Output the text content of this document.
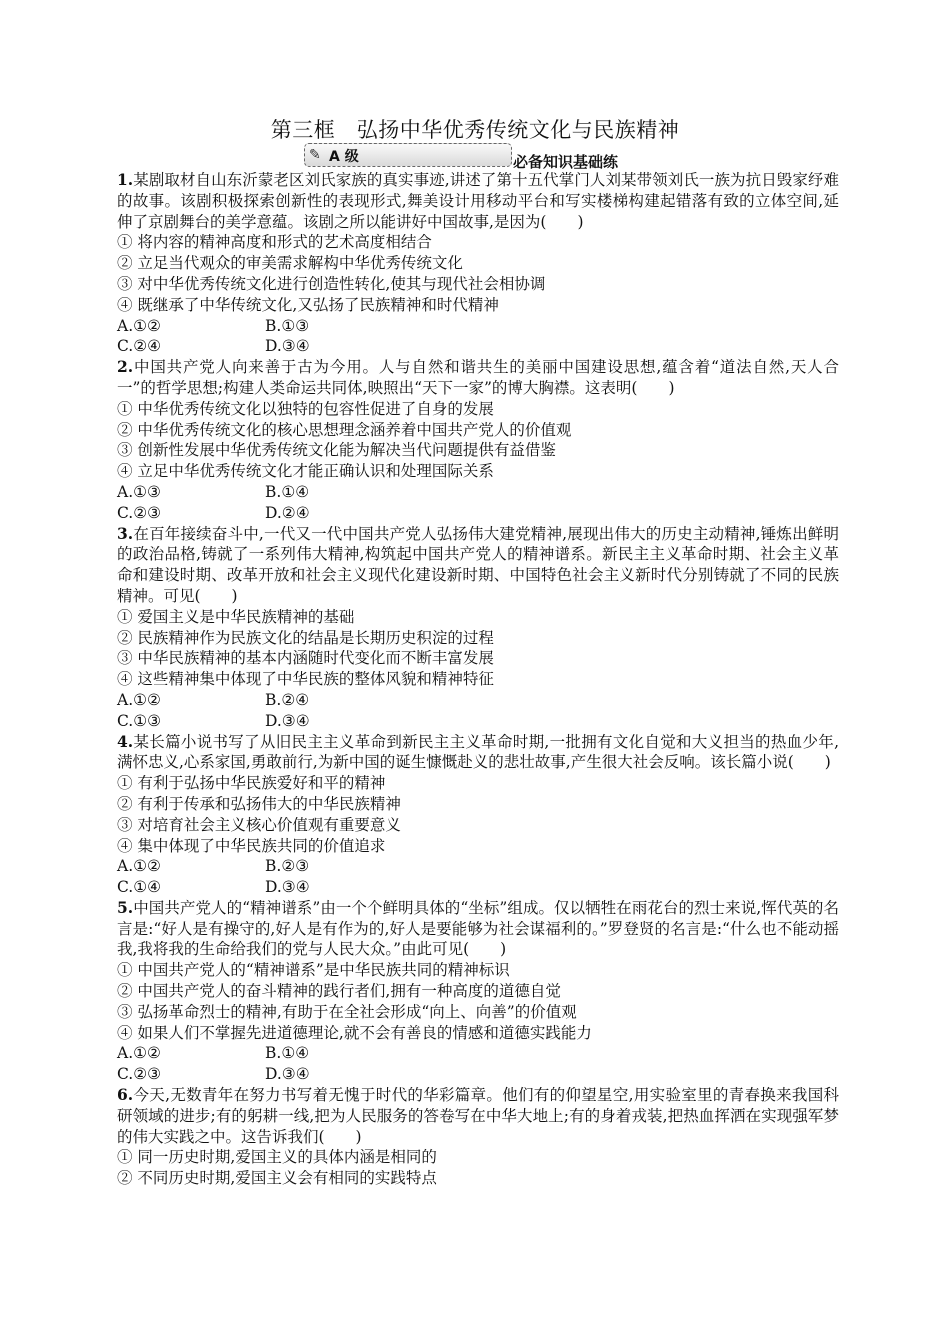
第三框　弘扬中华优秀传统文化与民族精神
✎ A 级	必备知识基础练

1.某剧取材自山东沂蒙老区刘氏家族的真实事迹,讲述了第十五代掌门人刘某带领刘氏一族为抗日毁家纾难的故事。该剧积极探索创新性的表现形式,舞美设计用移动平台和写实楼梯构建起错落有致的立体空间,延伸了京剧舞台的美学意蕴。该剧之所以能讲好中国故事,是因为(　　)

① 将内容的精神高度和形式的艺术高度相结合

② 立足当代观众的审美需求解构中华优秀传统文化

③ 对中华优秀传统文化进行创造性转化,使其与现代社会相协调

④ 既继承了中华传统文化,又弘扬了民族精神和时代精神

A.①②	B.①③
C.②④	D.③④

2.中国共产党人向来善于古为今用。人与自然和谐共生的美丽中国建设思想,蕴含着“道法自然,天人合一”的哲学思想;构建人类命运共同体,映照出“天下一家”的博大胸襟。这表明(　　)

① 中华优秀传统文化以独特的包容性促进了自身的发展

② 中华优秀传统文化的核心思想理念涵养着中国共产党人的价值观

③ 创新性发展中华优秀传统文化能为解决当代问题提供有益借鉴

④ 立足中华优秀传统文化才能正确认识和处理国际关系

A.①③	B.①④
C.②③	D.②④

3.在百年接续奋斗中,一代又一代中国共产党人弘扬伟大建党精神,展现出伟大的历史主动精神,锤炼出鲜明的政治品格,铸就了一系列伟大精神,构筑起中国共产党人的精神谱系。新民主主义革命时期、社会主义革命和建设时期、改革开放和社会主义现代化建设新时期、中国特色社会主义新时代分别铸就了不同的民族精神。可见(　　)

① 爱国主义是中华民族精神的基础

② 民族精神作为民族文化的结晶是长期历史积淀的过程

③ 中华民族精神的基本内涵随时代变化而不断丰富发展

④ 这些精神集中体现了中华民族的整体风貌和精神特征

A.①②	B.②④
C.①③	D.③④

4.某长篇小说书写了从旧民主主义革命到新民主主义革命时期,一批拥有文化自觉和大义担当的热血少年,满怀忠义,心系家国,勇敢前行,为新中国的诞生慷慨赴义的悲壮故事,产生很大社会反响。该长篇小说(　　)

① 有利于弘扬中华民族爱好和平的精神

② 有利于传承和弘扬伟大的中华民族精神

③ 对培育社会主义核心价值观有重要意义

④ 集中体现了中华民族共同的价值追求

A.①②	B.②③
C.①④	D.③④

5.中国共产党人的“精神谱系”由一个个鲜明具体的“坐标”组成。仅以牺牲在雨花台的烈士来说,恽代英的名言是:“好人是有操守的,好人是有作为的,好人是要能够为社会谋福利的。”罗登贤的名言是:“什么也不能动摇我,我将我的生命给我们的党与人民大众。”由此可见(　　)

① 中国共产党人的“精神谱系”是中华民族共同的精神标识

② 中国共产党人的奋斗精神的践行者们,拥有一种高度的道德自觉

③ 弘扬革命烈士的精神,有助于在全社会形成“向上、向善”的价值观

④ 如果人们不掌握先进道德理论,就不会有善良的情感和道德实践能力

A.①②	B.①④
C.②③	D.③④

6.今天,无数青年在努力书写着无愧于时代的华彩篇章。他们有的仰望星空,用实验室里的青春换来我国科研领域的进步;有的躬耕一线,把为人民服务的答卷写在中华大地上;有的身着戎装,把热血挥洒在实现强军梦的伟大实践之中。这告诉我们(　　)

① 同一历史时期,爱国主义的具体内涵是相同的

② 不同历史时期,爱国主义会有相同的实践特点
